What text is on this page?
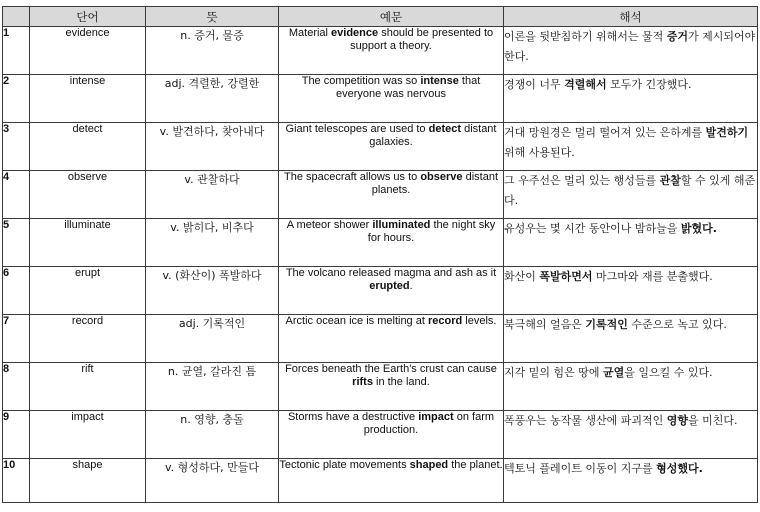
	단어	뜻	예문	해석
1	evidence	n. 증거, 물증	Material evidence should be presented to support a theory.	이론을 뒷받침하기 위해서는 물적 증거가 제시되어야 한다.
2	intense	adj. 격렬한, 강렬한	The competition was so intense that everyone was nervous	경쟁이 너무 격렬해서 모두가 긴장했다.
3	detect	v. 발견하다, 찾아내다	Giant telescopes are used to detect distant galaxies.	거대 망원경은 멀리 떨어져 있는 은하계를 발견하기 위해 사용된다.
4	observe	v. 관찰하다	The spacecraft allows us to observe distant planets.	그 우주선은 멀리 있는 행성들를 관찰할 수 있게 해준다.
5	illuminate	v. 밝히다, 비추다	A meteor shower illuminated the night sky for hours.	유성우는 몇 시간 동안이나 밤하늘을 밝혔다.
6	erupt	v. (화산이) 폭발하다	The volcano released magma and ash as it erupted.	화산이 폭발하면서 마그마와 재를 분출했다.
7	record	adj. 기록적인	Arctic ocean ice is melting at record levels.	북극해의 얼음은 기록적인 수준으로 녹고 있다.
8	rift	n. 균열, 갈라진 틈	Forces beneath the Earth's crust can cause rifts in the land.	지각 밑의 힘은 땅에 균열을 일으킬 수 있다.
9	impact	n. 영향, 충돌	Storms have a destructive impact on farm production.	폭풍우는 농작물 생산에 파괴적인 영향을 미친다.
10	shape	v. 형성하다, 만들다	Tectonic plate movements shaped the planet.	텍토닉 플레이트 이동이 지구를 형성했다.
